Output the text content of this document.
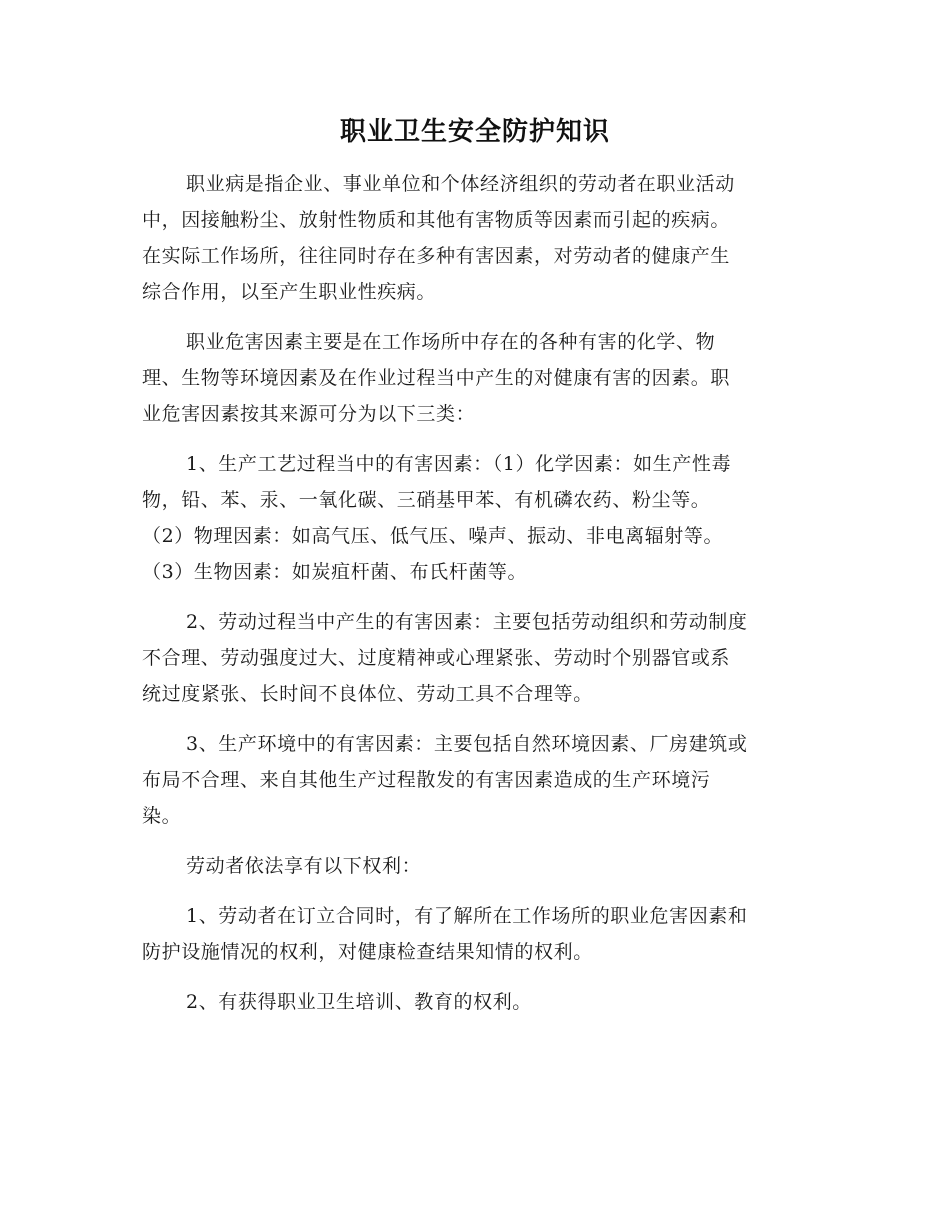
职业卫生安全防护知识

职业病是指企业、事业单位和个体经济组织的劳动者在职业活动
中，因接触粉尘、放射性物质和其他有害物质等因素而引起的疾病。
在实际工作场所，往往同时存在多种有害因素，对劳动者的健康产生
综合作用，以至产生职业性疾病。

职业危害因素主要是在工作场所中存在的各种有害的化学、物
理、生物等环境因素及在作业过程当中产生的对健康有害的因素。职
业危害因素按其来源可分为以下三类：

1、生产工艺过程当中的有害因素：（1）化学因素：如生产性毒
物，铅、苯、汞、一氧化碳、三硝基甲苯、有机磷农药、粉尘等。
（2）物理因素：如高气压、低气压、噪声、振动、非电离辐射等。
（3）生物因素：如炭疽杆菌、布氏杆菌等。

2、劳动过程当中产生的有害因素：主要包括劳动组织和劳动制度
不合理、劳动强度过大、过度精神或心理紧张、劳动时个别器官或系
统过度紧张、长时间不良体位、劳动工具不合理等。

3、生产环境中的有害因素：主要包括自然环境因素、厂房建筑或
布局不合理、来自其他生产过程散发的有害因素造成的生产环境污
染。

劳动者依法享有以下权利：

1、劳动者在订立合同时，有了解所在工作场所的职业危害因素和
防护设施情况的权利，对健康检查结果知情的权利。

2、有获得职业卫生培训、教育的权利。
